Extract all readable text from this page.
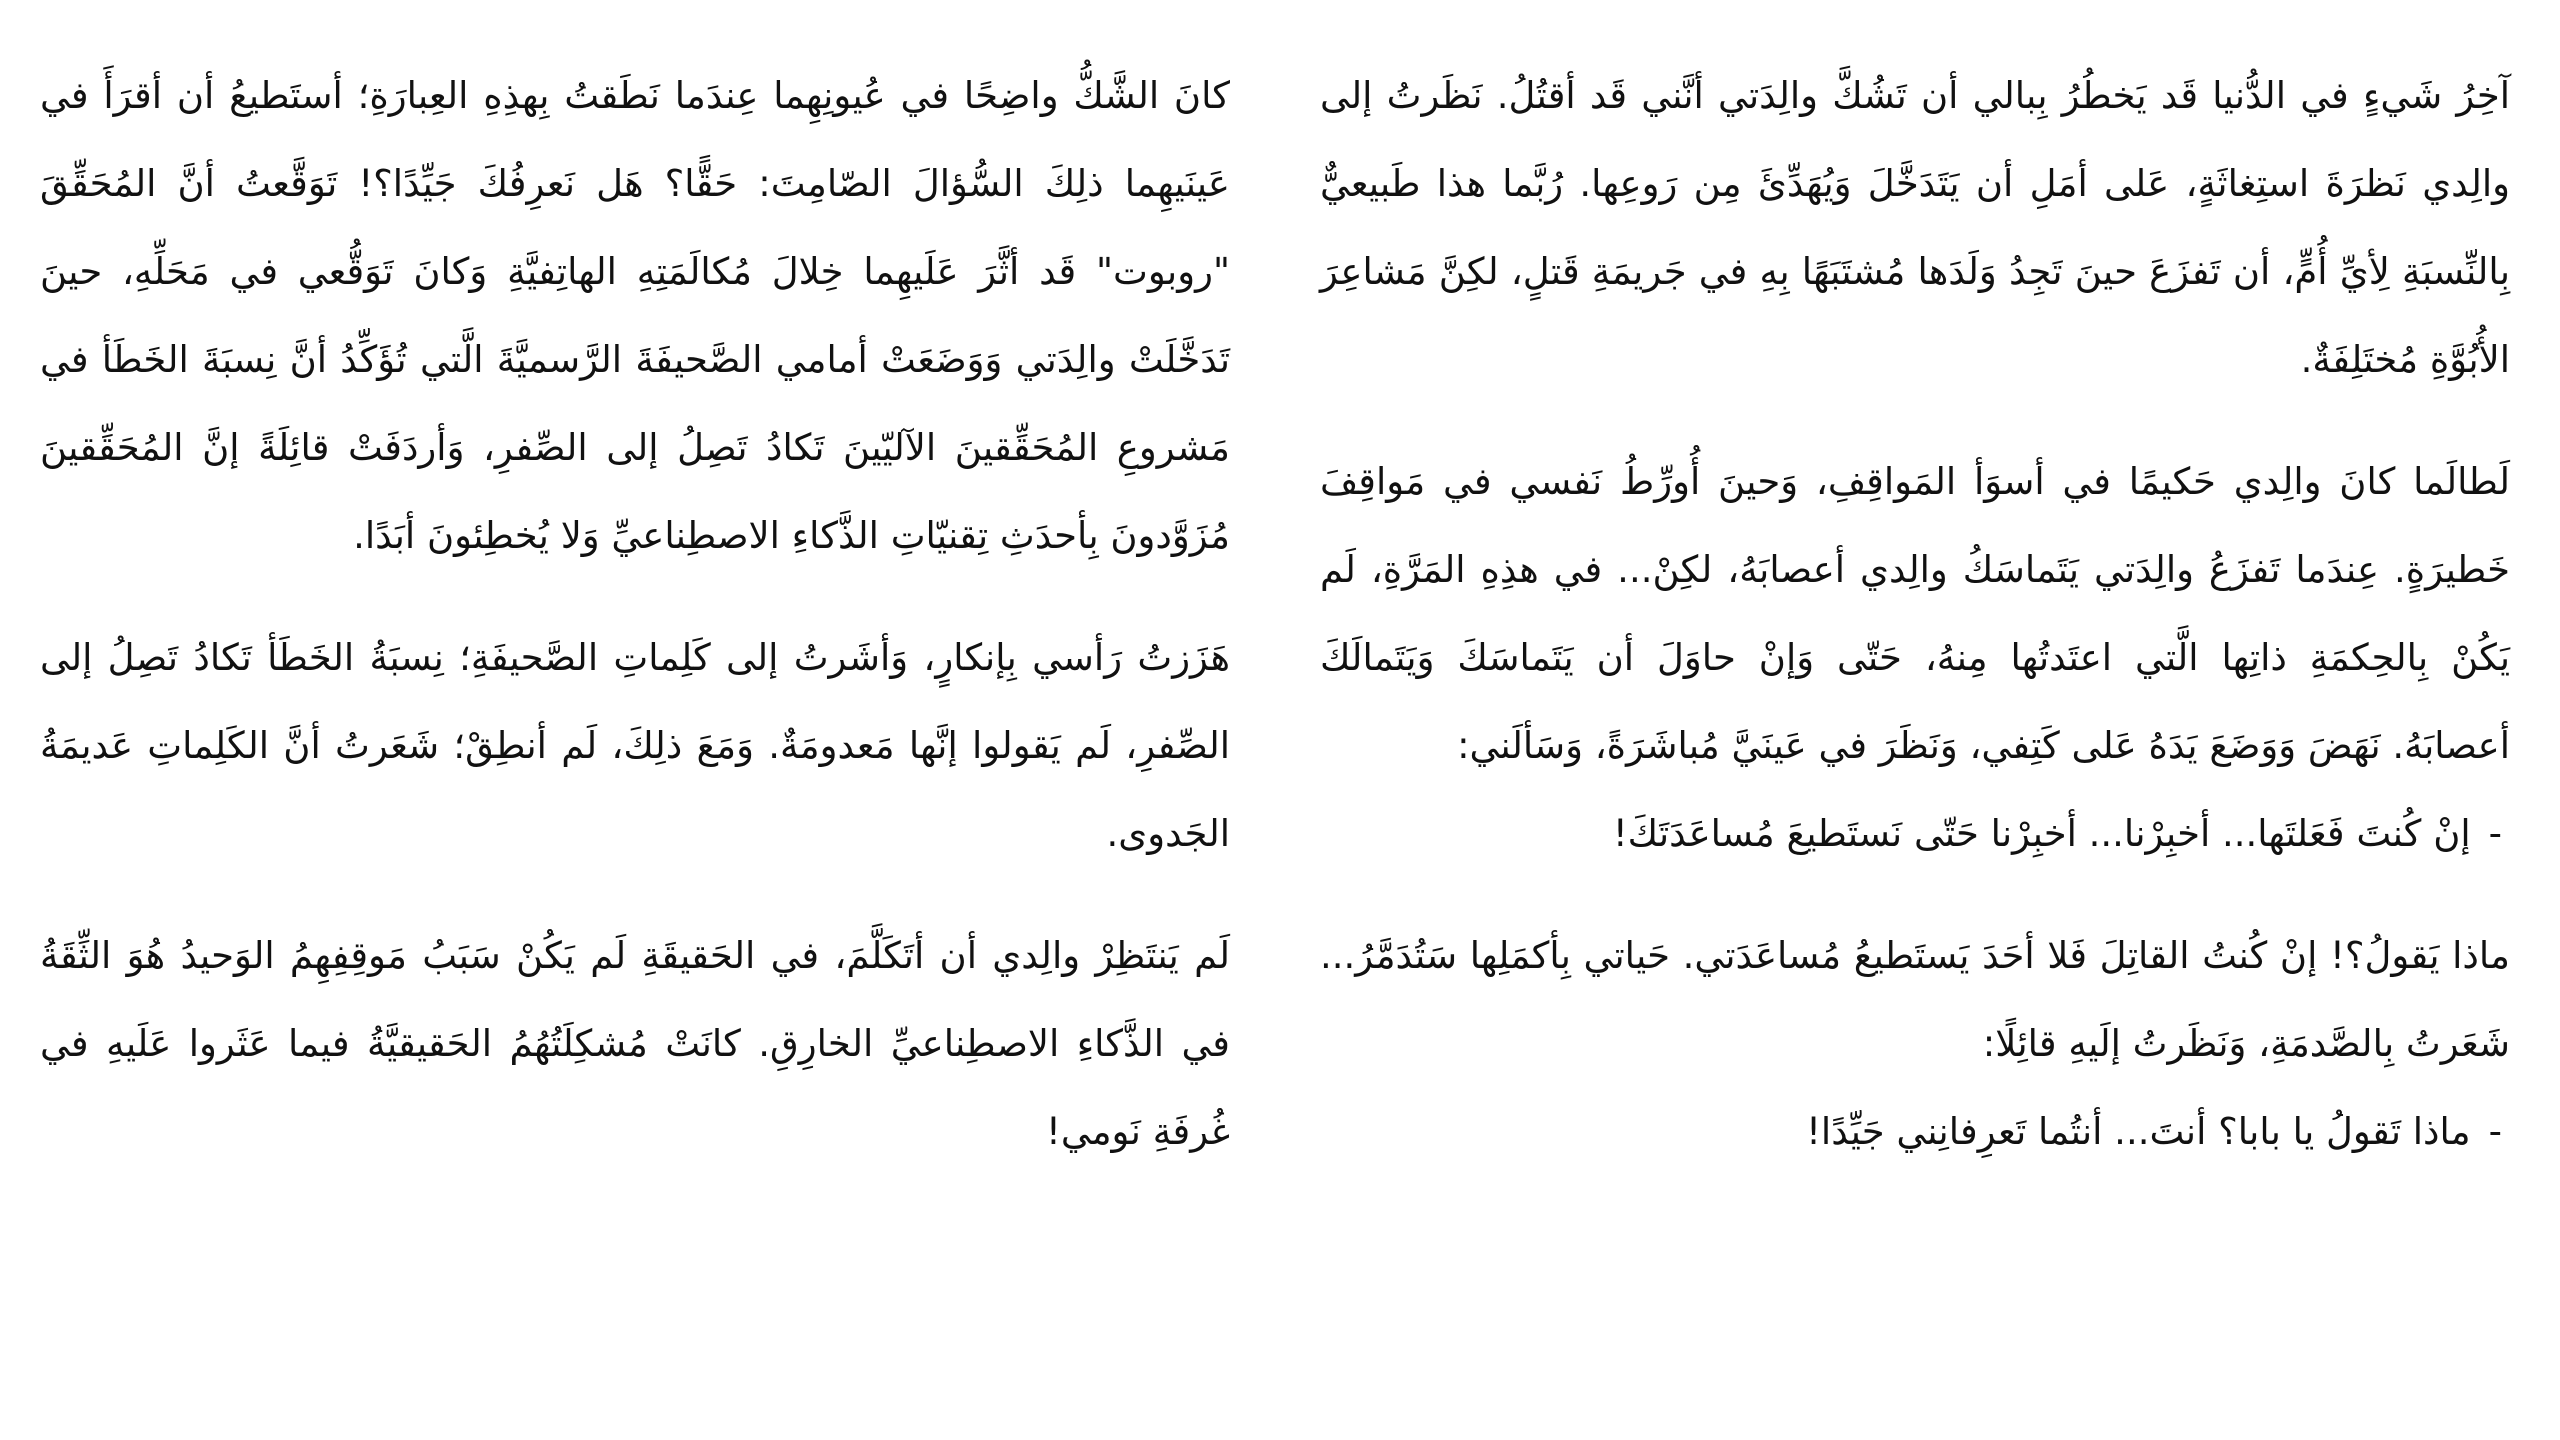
آخِرُ شَيءٍ في الدُّنيا قَد يَخطُرُ بِبالي أن تَشُكَّ والِدَتي أنَّني قَد أقتُلُ. نَظَرتُ إلى والِدي نَظرَةَ استِغاثَةٍ، عَلى أمَلِ أن يَتَدَخَّلَ وَيُهَدِّئَ مِن رَوعِها. رُبَّما هذا طَبيعيٌّ بِالنِّسبَةِ لِأيِّ أُمٍّ، أن تَفزَعَ حينَ تَجِدُ وَلَدَها مُشتَبَهًا بِهِ في جَريمَةِ قَتلٍ، لكِنَّ مَشاعِرَ الأُبُوَّةِ مُختَلِفَةٌ.

لَطالَما كانَ والِدي حَكيمًا في أسوَأ المَواقِفِ، وَحينَ أُورِّطُ نَفسي في مَواقِفَ خَطيرَةٍ. عِندَما تَفزَعُ والِدَتي يَتَماسَكُ والِدي أعصابَهُ، لكِنْ... في هذِهِ المَرَّةِ، لَم يَكُنْ بِالحِكمَةِ ذاتِها الَّتي اعتَدتُها مِنهُ، حَتّى وَإنْ حاوَلَ أن يَتَماسَكَ وَيَتَمالَكَ أعصابَهُ. نَهَضَ وَوَضَعَ يَدَهُ عَلى كَتِفي، وَنَظَرَ في عَينَيَّ مُباشَرَةً، وَسَألَني:

-إنْ كُنتَ فَعَلتَها... أخبِرْنا... أخبِرْنا حَتّى نَستَطيعَ مُساعَدَتَكَ!

ماذا يَقولُ؟! إنْ كُنتُ القاتِلَ فَلا أحَدَ يَستَطيعُ مُساعَدَتي. حَياتي بِأكمَلِها سَتُدَمَّرُ... شَعَرتُ بِالصَّدمَةِ، وَنَظَرتُ إلَيهِ قائِلًا:

-ماذا تَقولُ يا بابا؟ أنتَ... أنتُما تَعرِفانِني جَيِّدًا!

كانَ الشَّكُّ واضِحًا في عُيونِهِما عِندَما نَطَقتُ بِهذِهِ العِبارَةِ؛ أستَطيعُ أن أقرَأَ في عَينَيهِما ذلِكَ السُّؤالَ الصّامِتَ: حَقًّا؟ هَل نَعرِفُكَ جَيِّدًا؟! تَوَقَّعتُ أنَّ المُحَقِّقَ "روبوت" قَد أثَّرَ عَلَيهِما خِلالَ مُكالَمَتِهِ الهاتِفيَّةِ وَكانَ تَوَقُّعي في مَحَلِّهِ، حينَ تَدَخَّلَتْ والِدَتي وَوَضَعَتْ أمامي الصَّحيفَةَ الرَّسميَّةَ الَّتي تُؤَكِّدُ أنَّ نِسبَةَ الخَطَأ في مَشروعِ المُحَقِّقينَ الآليّينَ تَكادُ تَصِلُ إلى الصِّفرِ، وَأردَفَتْ قائِلَةً إنَّ المُحَقِّقينَ مُزَوَّدونَ بِأحدَثِ تِقنيّاتِ الذَّكاءِ الاصطِناعيِّ وَلا يُخطِئونَ أبَدًا.

هَزَزتُ رَأسي بِإنكارٍ، وَأشَرتُ إلى كَلِماتِ الصَّحيفَةِ؛ نِسبَةُ الخَطَأ تَكادُ تَصِلُ إلى الصِّفرِ، لَم يَقولوا إنَّها مَعدومَةٌ. وَمَعَ ذلِكَ، لَم أنطِقْ؛ شَعَرتُ أنَّ الكَلِماتِ عَديمَةُ الجَدوى.

لَم يَنتَظِرْ والِدي أن أتَكَلَّمَ، في الحَقيقَةِ لَم يَكُنْ سَبَبُ مَوقِفِهِمُ الوَحيدُ هُوَ الثِّقَةُ في الذَّكاءِ الاصطِناعيِّ الخارِقِ. كانَتْ مُشكِلَتُهُمُ الحَقيقيَّةُ فيما عَثَروا عَلَيهِ في غُرفَةِ نَومي!
